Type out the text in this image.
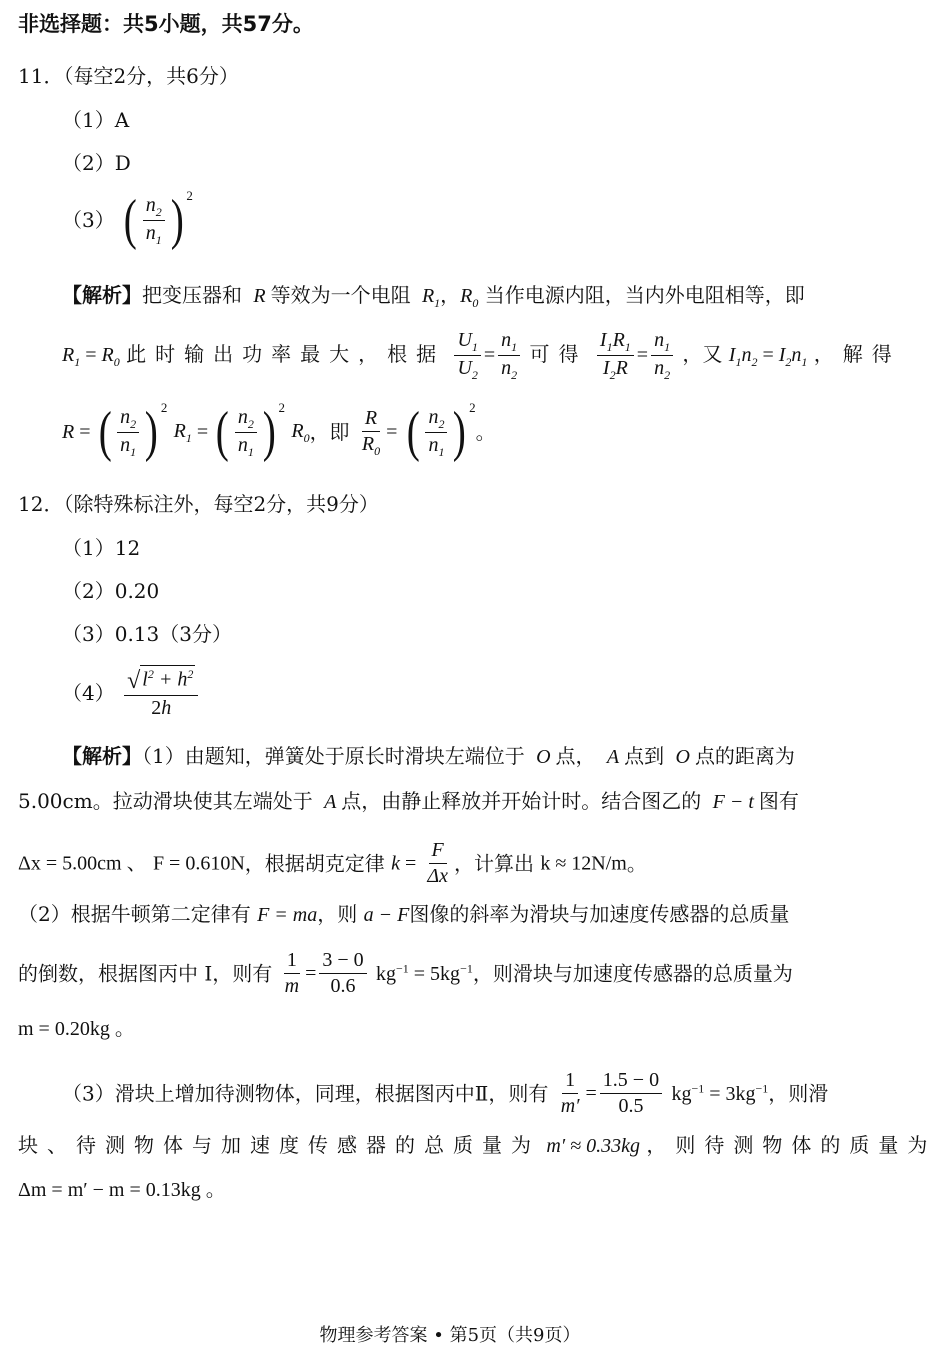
非选择题：共5小题，共57分。
11．（每空2分，共6分）
（1）A
（2）D
（3） ( $\frac{n_2}{n_1} )^2$
【解析】把变压器和  R 等效为一个电阻  $R_1$，$R_0$ 当作电源内阻，当内外电阻相等，即
$R_1 = R_0$ 此时输出功率最大，根据 $\frac{U_1}{U_2} = \frac{n_1}{n_2}$ 可得 $\frac{I_1R_1}{I_2R} = \frac{n_1}{n_2}$ ，又 $I_1n_2 = I_2n_1$ ，解得
R = ( $\frac{n_2}{n_1} )^2$
$R_1$ = ( $\frac{n_2}{n_1} )^2$
$R_0$，即 $\frac{R}{R_0}$ = ( $\frac{n_2}{n_1} )^2$
。
12．（除特殊标注外，每空2分，共9分）
（1）12
（2）0.20
（3）0.13（3分）
$(4) \frac{√ l^2 + h^2}{2h}$
【解析】（1）由题知，弹簧处于原长时滑块左端位于  O 点，  A 点到  O 点的距离为
5.00cm。拉动滑块使其左端处于  A 点，由静止释放并开始计时。结合图乙的  F − t 图有
Δx = 5.00cm 、 F = 0.610N，根据胡克定律 $k = \frac{F}{\Delta x}$ ，计算出 k ≈ 12N/m。
（2）根据牛顿第二定律有 F = ma，则 a − F图像的斜率为滑块与加速度传感器的总质量
的倒数，根据图丙中 I，则有 $\frac{1}{m} = \frac{3 - 0}{0.6} kg^{-1} = 5kg^{-1}$，则滑块与加速度传感器的总质量为
m = 0.20kg 。
（3）滑块上增加待测物体，同理，根据图丙中Ⅱ，则有 $\frac{1}{m'} = \frac{1.5 - 0}{0.5} kg^{-1} = 3kg^{-1}$，则滑
块、待测物体与加速度传感器的总质量为 m′ ≈ 0.33kg ，则待测物体的质量为
Δm = m′ − m = 0.13kg 。
物理参考答案 • 第5页（共9页）
